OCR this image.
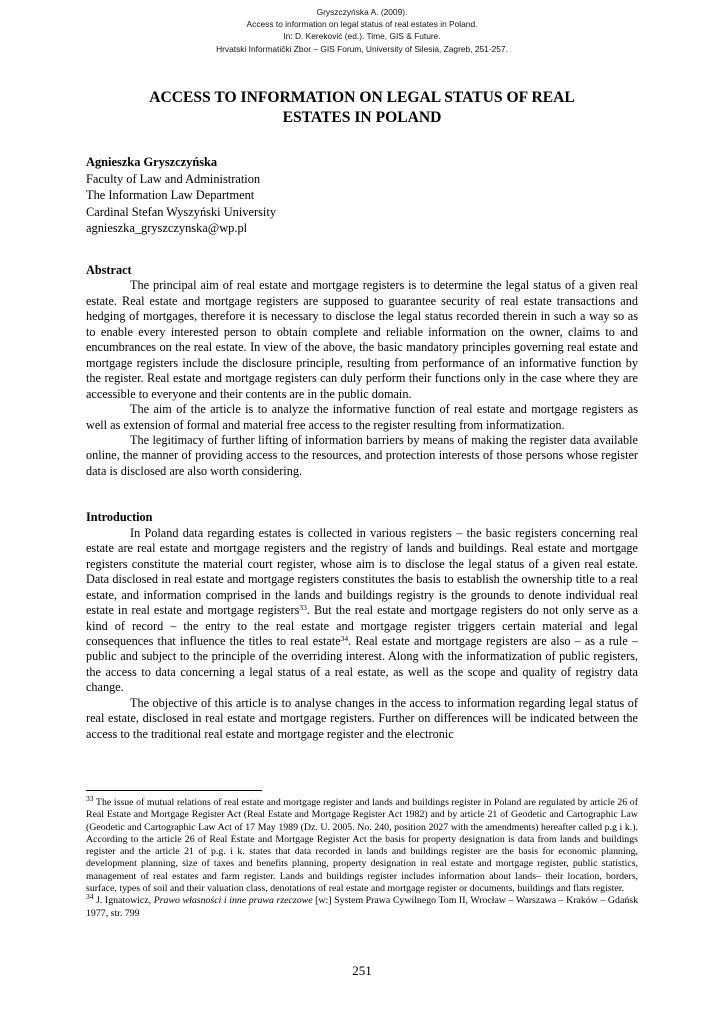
Gryszczyńska A. (2009).
Access to information on legal status of real estates in Poland.
In: D. Kereković (ed.). Time, GIS & Future.
Hrvatski Informatički Zbor – GIS Forum, University of Silesia, Zagreb, 251-257.
ACCESS TO INFORMATION ON LEGAL STATUS OF REAL
ESTATES IN POLAND
Agnieszka Gryszczyńska
Faculty of Law and Administration
The Information Law Department
Cardinal Stefan Wyszyński University
agnieszka_gryszczynska@wp.pl
Abstract

The principal aim of real estate and mortgage registers is to determine the legal status of a given real estate. Real estate and mortgage registers are supposed to guarantee security of real estate transactions and hedging of mortgages, therefore it is necessary to disclose the legal status recorded therein in such a way so as to enable every interested person to obtain complete and reliable information on the owner, claims to and encumbrances on the real estate. In view of the above, the basic mandatory principles governing real estate and mortgage registers include the disclosure principle, resulting from performance of an informative function by the register. Real estate and mortgage registers can duly perform their functions only in the case where they are accessible to everyone and their contents are in the public domain.

The aim of the article is to analyze the informative function of real estate and mortgage registers as well as extension of formal and material free access to the register resulting from informatization.

The legitimacy of further lifting of information barriers by means of making the register data available online, the manner of providing access to the resources, and protection interests of those persons whose register data is disclosed are also worth considering.

Introduction

In Poland data regarding estates is collected in various registers – the basic registers concerning real estate are real estate and mortgage registers and the registry of lands and buildings. Real estate and mortgage registers constitute the material court register, whose aim is to disclose the legal status of a given real estate. Data disclosed in real estate and mortgage registers constitutes the basis to establish the ownership title to a real estate, and information comprised in the lands and buildings registry is the grounds to denote individual real estate in real estate and mortgage registers$^{33}$. But the real estate and mortgage registers do not only serve as a kind of record – the entry to the real estate and mortgage register triggers certain material and legal consequences that influence the titles to real estate$^{34}$. Real estate and mortgage registers are also – as a rule – public and subject to the principle of the overriding interest. Along with the informatization of public registers, the access to data concerning a legal status of a real estate, as well as the scope and quality of registry data change.

The objective of this article is to analyse changes in the access to information regarding legal status of real estate, disclosed in real estate and mortgage registers. Further on differences will be indicated between the access to the traditional real estate and mortgage register and the electronic

$^{33}$ The issue of mutual relations of real estate and mortgage register and lands and buildings register in Poland are regulated by article 26 of Real Estate and Mortgage Register Act (Real Estate and Mortgage Register Act 1982) and by article 21 of Geodetic and Cartographic Law (Geodetic and Cartographic Law Act of 17 May 1989 (Dz. U. 2005. No. 240, position 2027 with the amendments) hereafter called p.g i k.). According to the article 26 of Real Estate and Mortgage Register Act the basis for property designation is data from lands and buildings register and the article 21 of p.g. i k. states that data recorded in lands and buildings register are the basis for economic planning, development planning, size of taxes and benefits planning, property designation in real estate and mortgage register, public statistics, management of real estates and farm register. Lands and buildings register includes information about lands– their location, borders, surface, types of soil and their valuation class, denotations of real estate and mortgage register or documents, buildings and flats register.

$^{34}$ J. Ignatowicz, Prawo własności i inne prawa rzeczowe [w:] System Prawa Cywilnego Tom II, Wrocław – Warszawa – Kraków – Gdańsk 1977, str. 799

251
